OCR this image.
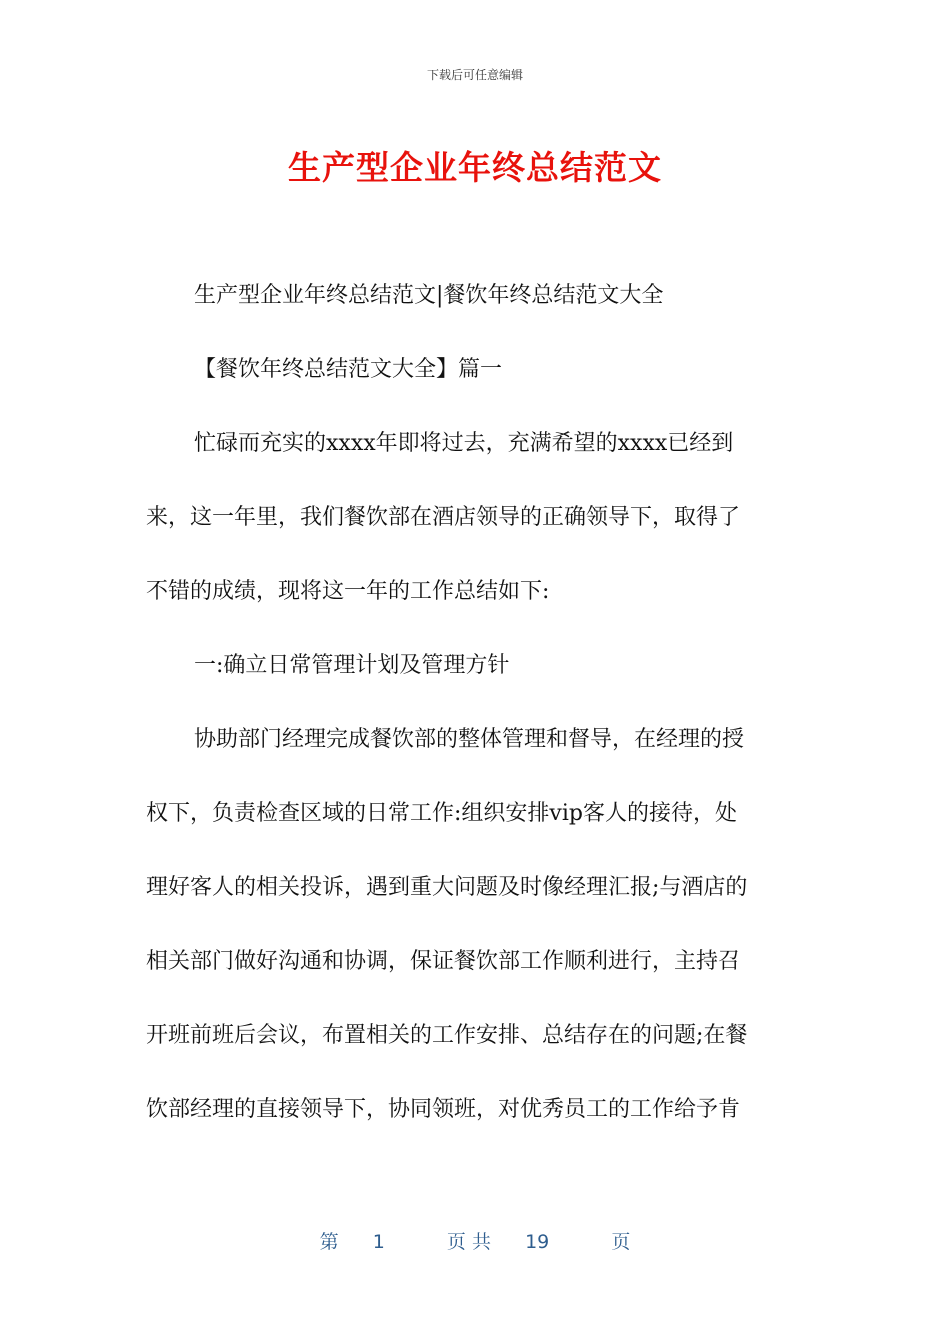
下载后可任意编辑
生产型企业年终总结范文
生产型企业年终总结范文|餐饮年终总结范文大全
【餐饮年终总结范文大全】篇一
忙碌而充实的xxxx年即将过去，充满希望的xxxx已经到
来，这一年里，我们餐饮部在酒店领导的正确领导下，取得了
不错的成绩，现将这一年的工作总结如下:
一:确立日常管理计划及管理方针
协助部门经理完成餐饮部的整体管理和督导，在经理的授
权下，负责检查区域的日常工作:组织安排vip客人的接待，处
理好客人的相关投诉，遇到重大问题及时像经理汇报;与酒店的
相关部门做好沟通和协调，保证餐饮部工作顺利进行，主持召
开班前班后会议，布置相关的工作安排、总结存在的问题;在餐
饮部经理的直接领导下，协同领班，对优秀员工的工作给予肯
第 1	页 共 19	页
